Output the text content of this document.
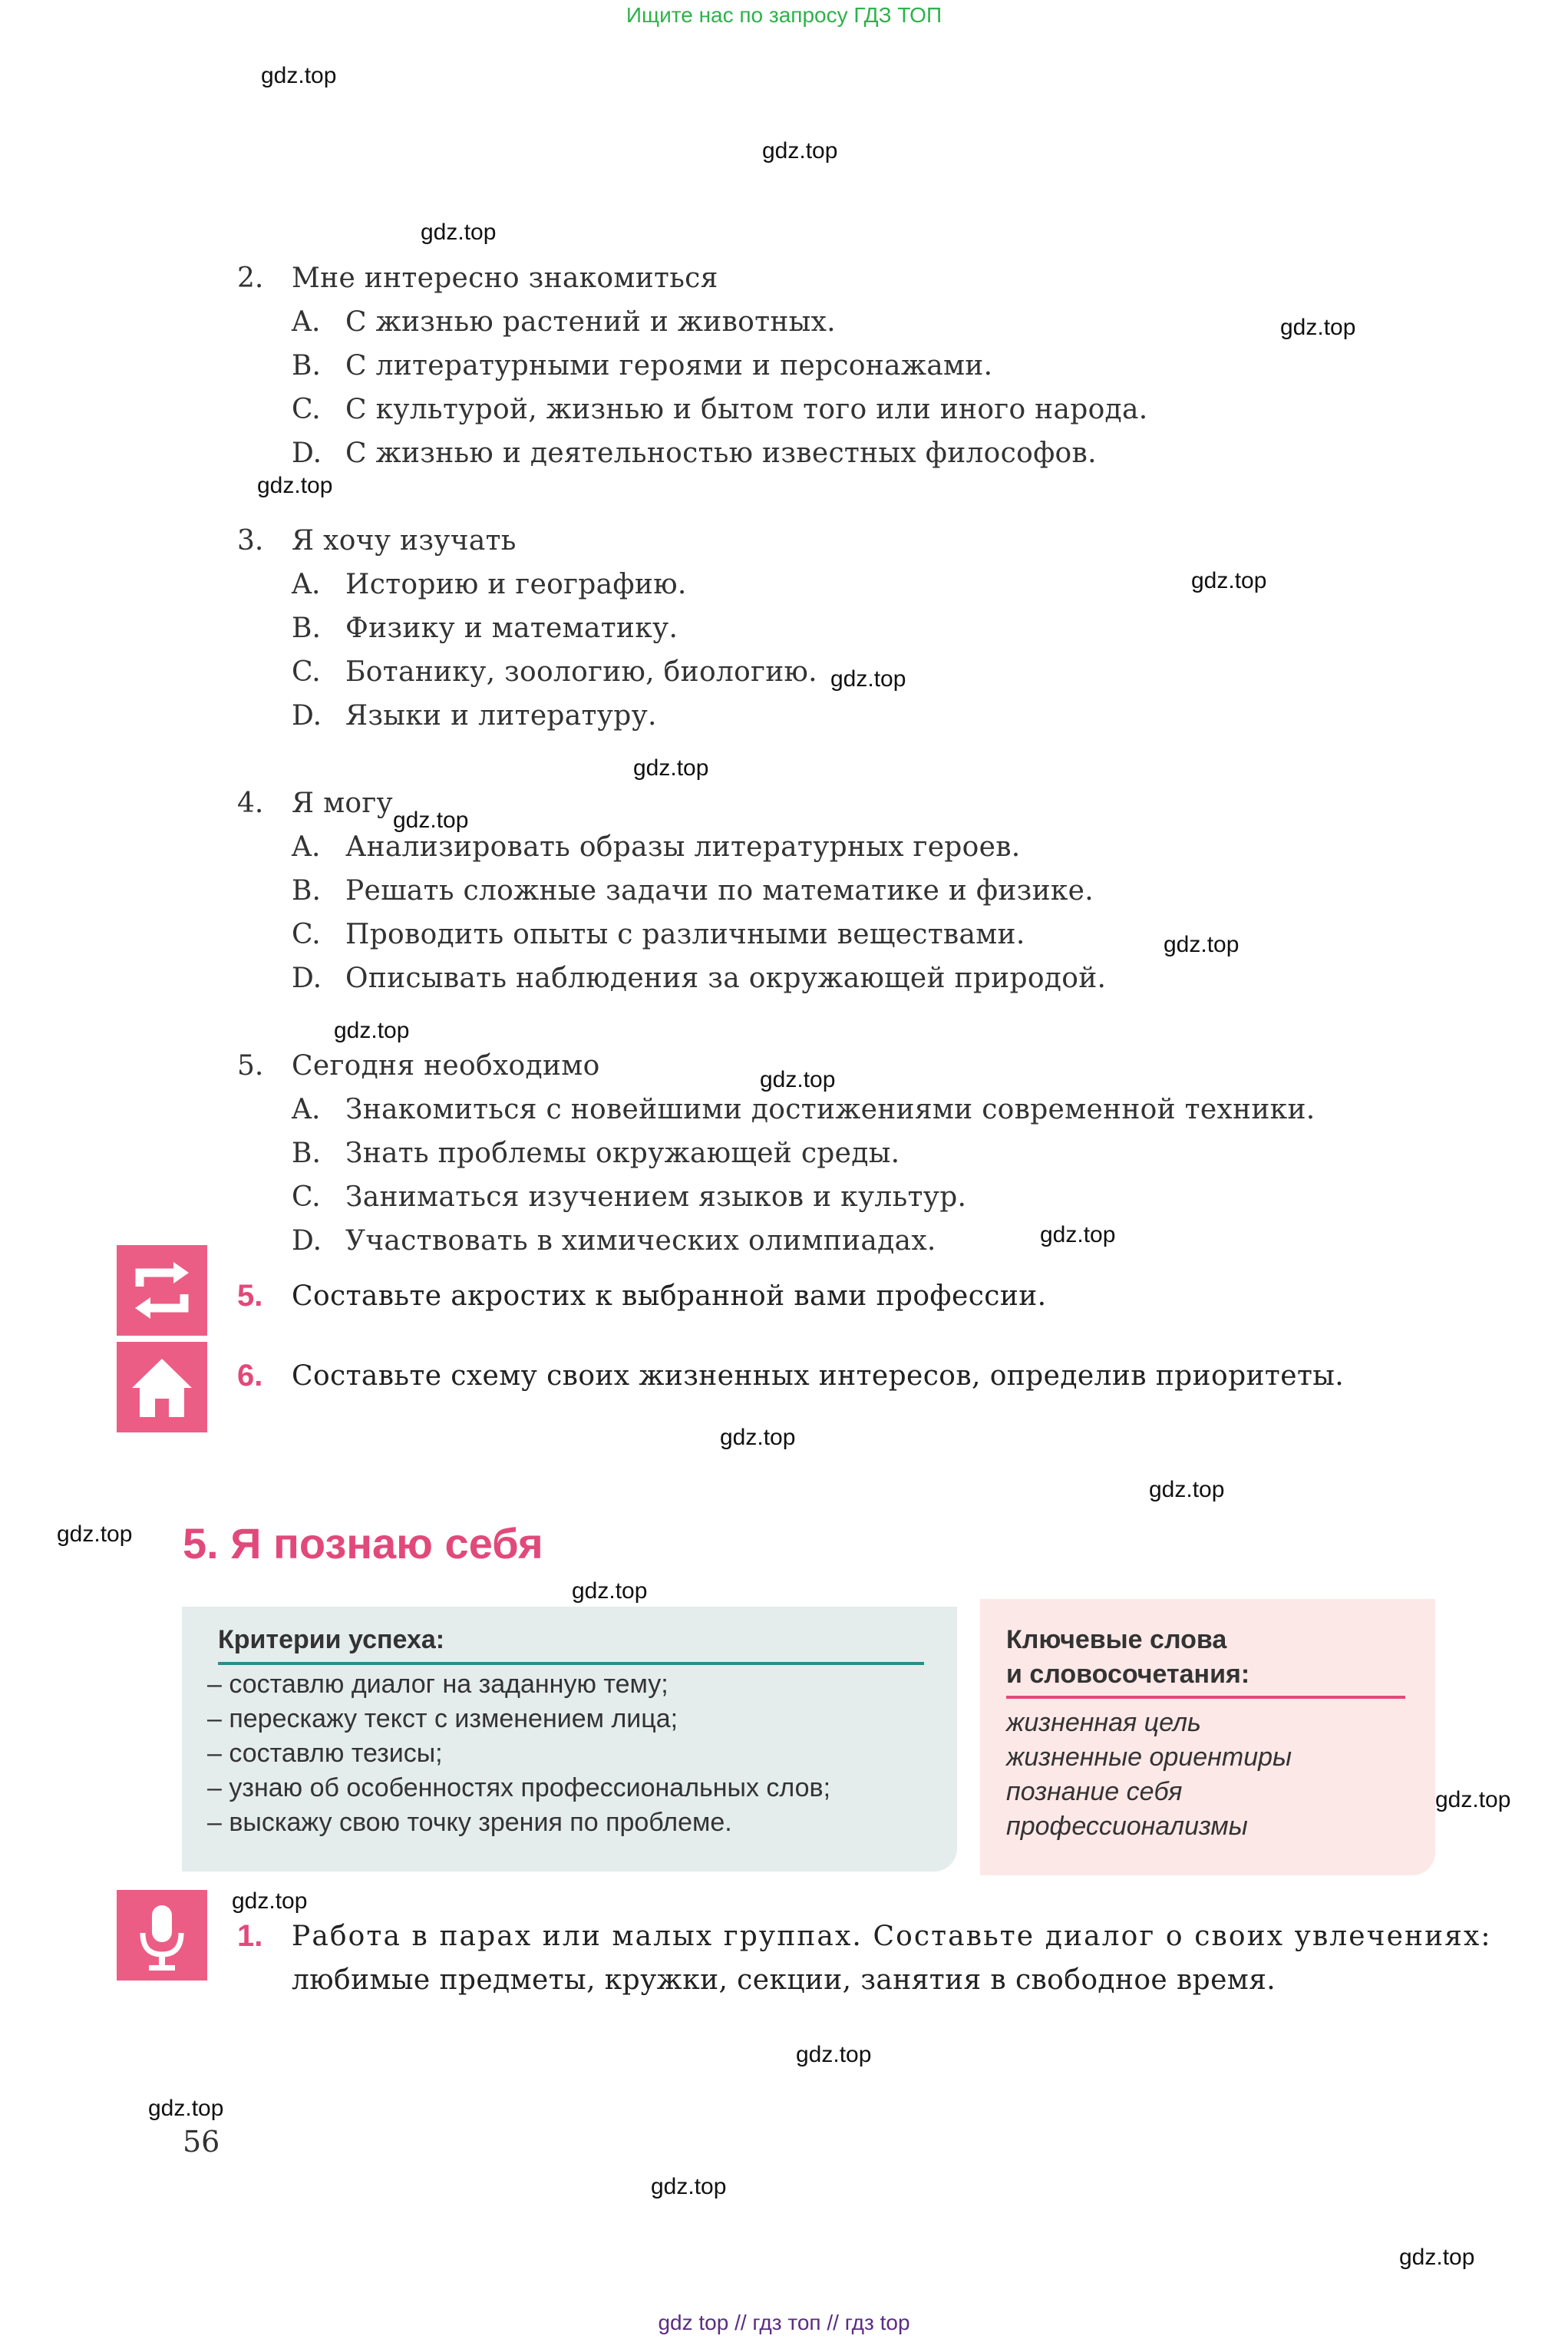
Ищите нас по запросу ГДЗ ТОП
gdz.top
gdz.top
gdz.top
gdz.top
gdz.top
gdz.top
gdz.top
gdz.top
gdz.top
gdz.top
gdz.top
gdz.top
gdz.top
gdz.top
gdz.top
gdz.top
gdz.top
gdz.top
gdz.top
gdz.top
gdz.top
gdz.top
gdz.top
2. Мне интересно знакомиться
A. С жизнью растений и животных.
B. С литературными героями и персонажами.
C. С культурой, жизнью и бытом того или иного народа.
D. С жизнью и деятельностью известных философов.
3. Я хочу изучать
A. Историю и географию.
B. Физику и математику.
C. Ботанику, зоологию, биологию.
D. Языки и литературу.
4. Я могу
A. Анализировать образы литературных героев.
B. Решать сложные задачи по математике и физике.
C. Проводить опыты с различными веществами.
D. Описывать наблюдения за окружающей природой.
5. Сегодня необходимо
A. Знакомиться с новейшими достижениями современной техники.
B. Знать проблемы окружающей среды.
C. Заниматься изучением языков и культур.
D. Участвовать в химических олимпиадах.
5. Составьте акростих к выбранной вами профессии.
6. Составьте схему своих жизненных интересов, определив приоритеты.
5. Я познаю себя
Критерии успеха:
– составлю диалог на заданную тему;
– перескажу текст с изменением лица;
– составлю тезисы;
– узнаю об особенностях профессиональных слов;
– выскажу свою точку зрения по проблеме.
Ключевые слова
и словосочетания:
жизненная цель
жизненные ориентиры
познание себя
профессионализмы
1. Работа в парах или малых группах. Составьте диалог о своих увлечениях:
любимые предметы, кружки, секции, занятия в свободное время.
56
gdz top // гдз топ // гдз top
